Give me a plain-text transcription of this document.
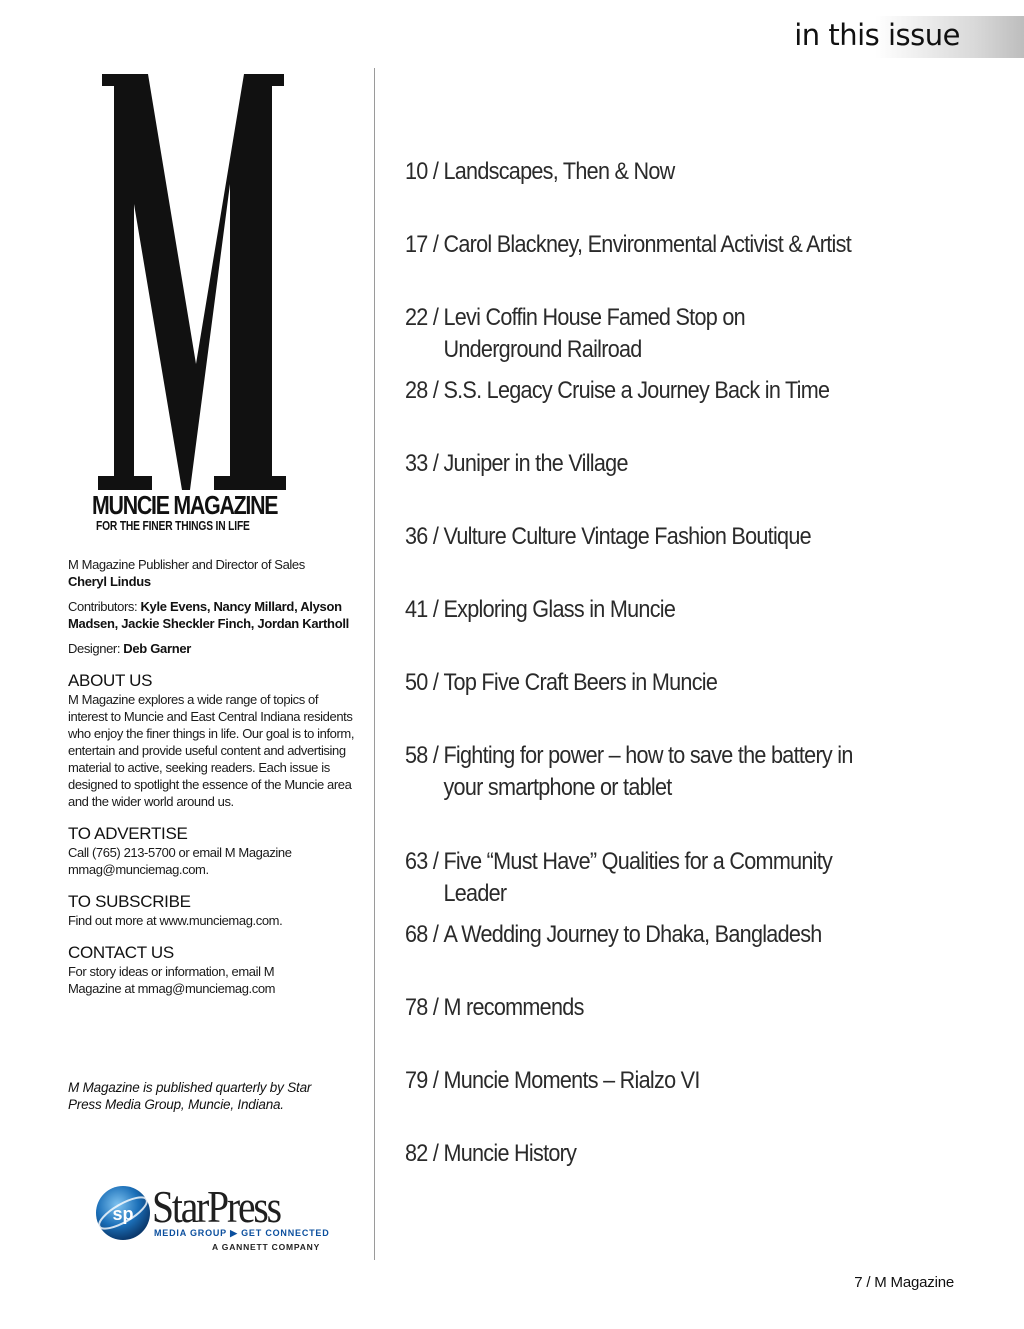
in this issue
MUNCIE MAGAZINE
FOR THE FINER THINGS IN LIFE

M Magazine Publisher and Director of Sales

Cheryl Lindus

Contributors: Kyle Evens, Nancy Millard, Alyson Madsen, Jackie Sheckler Finch, Jordan Kartholl

Designer: Deb Garner

ABOUT US

M Magazine explores a wide range of topics of interest to Muncie and East Central Indiana residents who enjoy the finer things in life. Our goal is to inform, entertain and provide useful content and advertising material to active, seeking readers. Each issue is designed to spotlight the essence of the Muncie area and the wider world around us.

TO ADVERTISE

Call (765) 213-5700 or email M Magazine mmag@munciemag.com.

TO SUBSCRIBE

Find out more at www.munciemag.com.

CONTACT US

For story ideas or information, email M Magazine at mmag@munciemag.com

M Magazine is published quarterly by Star Press Media Group, Muncie, Indiana.
sp StarPress
MEDIA GROUP ▶ GET CONNECTED
A GANNETT COMPANY
10 / Landscapes, Then & Now
17 / Carol Blackney, Environmental Activist & Artist
22 / Levi Coffin House Famed Stop on Underground Railroad
28 / S.S. Legacy Cruise a Journey Back in Time
33 / Juniper in the Village
36 / Vulture Culture Vintage Fashion Boutique
41 / Exploring Glass in Muncie
50 / Top Five Craft Beers in Muncie
58 / Fighting for power – how to save the battery in your smartphone or tablet
63 / Five “Must Have” Qualities for a Community Leader
68 / A Wedding Journey to Dhaka, Bangladesh
78 / M recommends
79 / Muncie Moments – Rialzo VI
82 / Muncie History
7 / M Magazine
